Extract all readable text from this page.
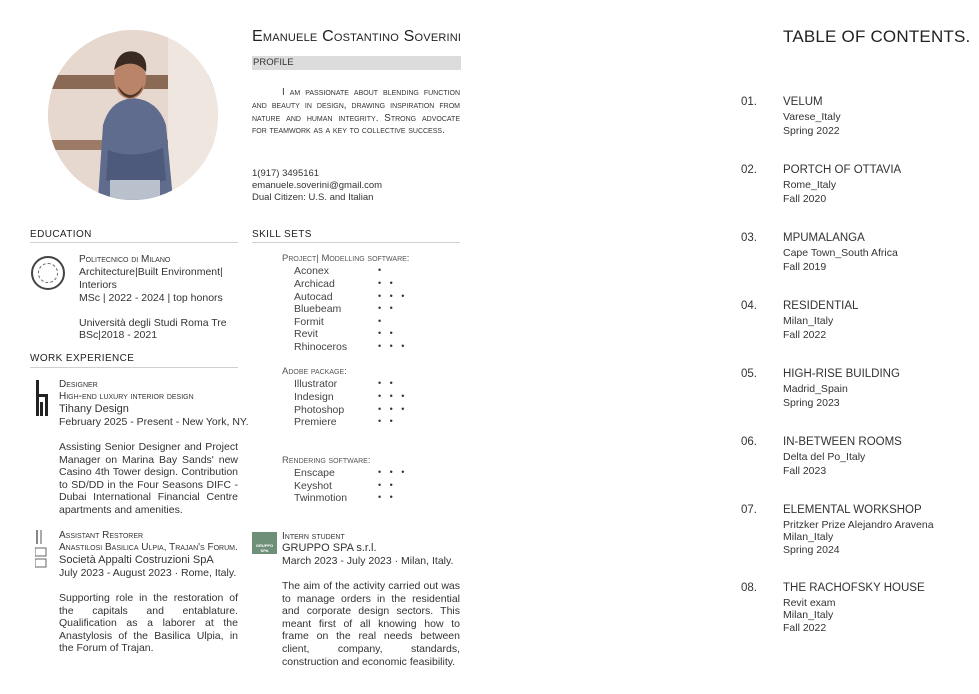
Emanuele Costantino Soverini
PROFILE
I am passionate about blending function and beauty in design, drawing inspiration from nature and human integrity. Strong advocate for teamwork as a key to collective success.
1(917) 3495161
emanuele.soverini@gmail.com
Dual Citizen: U.S. and Italian
EDUCATION
Politecnico di Milano
Architecture|Built Environment|
Interiors
MSc | 2022 - 2024 | top honors
Università degli Studi Roma Tre
BSc|2018 - 2021
WORK EXPERIENCE
Designer
High-end luxury interior design
Tihany Design
February 2025 - Present - New York, NY.
Assisting Senior Designer and Project Manager on Marina Bay Sands' new Casino 4th Tower design. Contribution to SD/DD in the Four Seasons DIFC - Dubai International Financial Centre apartments and amenities.
Assistant Restorer
Anastilosi Basilica Ulpia, Trajan's Forum.
Società Appalti Costruzioni SpA
July 2023 - August 2023 · Rome, Italy.
Supporting role in the restoration of the capitals and entablature. Qualification as a laborer at the Anastylosis of the Basilica Ulpia, in the Forum of Trajan.
SKILL SETS
Project| Modelling software:
Aconex	•
Archicad	• •
Autocad	• • •
Bluebeam	• •
Formit	•
Revit	• •
Rhinoceros	• • •
Adobe package:
Illustrator	• •
Indesign	• • •
Photoshop	• • •
Premiere	• •
Rendering software:
Enscape	• • •
Keyshot	• •
Twinmotion	• •
GRUPPO SPA
Intern student
GRUPPO SPA s.r.l.
March 2023 - July 2023 · Milan, Italy.
The aim of the activity carried out was to manage orders in the residential and corporate design sectors. This meant first of all knowing how to frame on the real needs between client, company, standards, construction and economic feasibility.
TABLE OF CONTENTS.
01. VELUM
Varese_Italy
Spring 2022
02. PORTCH OF OTTAVIA
Rome_Italy
Fall 2020
03. MPUMALANGA
Cape Town_South Africa
Fall 2019
04. RESIDENTIAL
Milan_Italy
Fall 2022
05. HIGH-RISE BUILDING
Madrid_Spain
Spring 2023
06. IN-BETWEEN ROOMS
Delta del Po_Italy
Fall 2023
07. ELEMENTAL WORKSHOP
Pritzker Prize Alejandro Aravena
Milan_Italy
Spring 2024
08. THE RACHOFSKY HOUSE
Revit exam
Milan_Italy
Fall 2022
